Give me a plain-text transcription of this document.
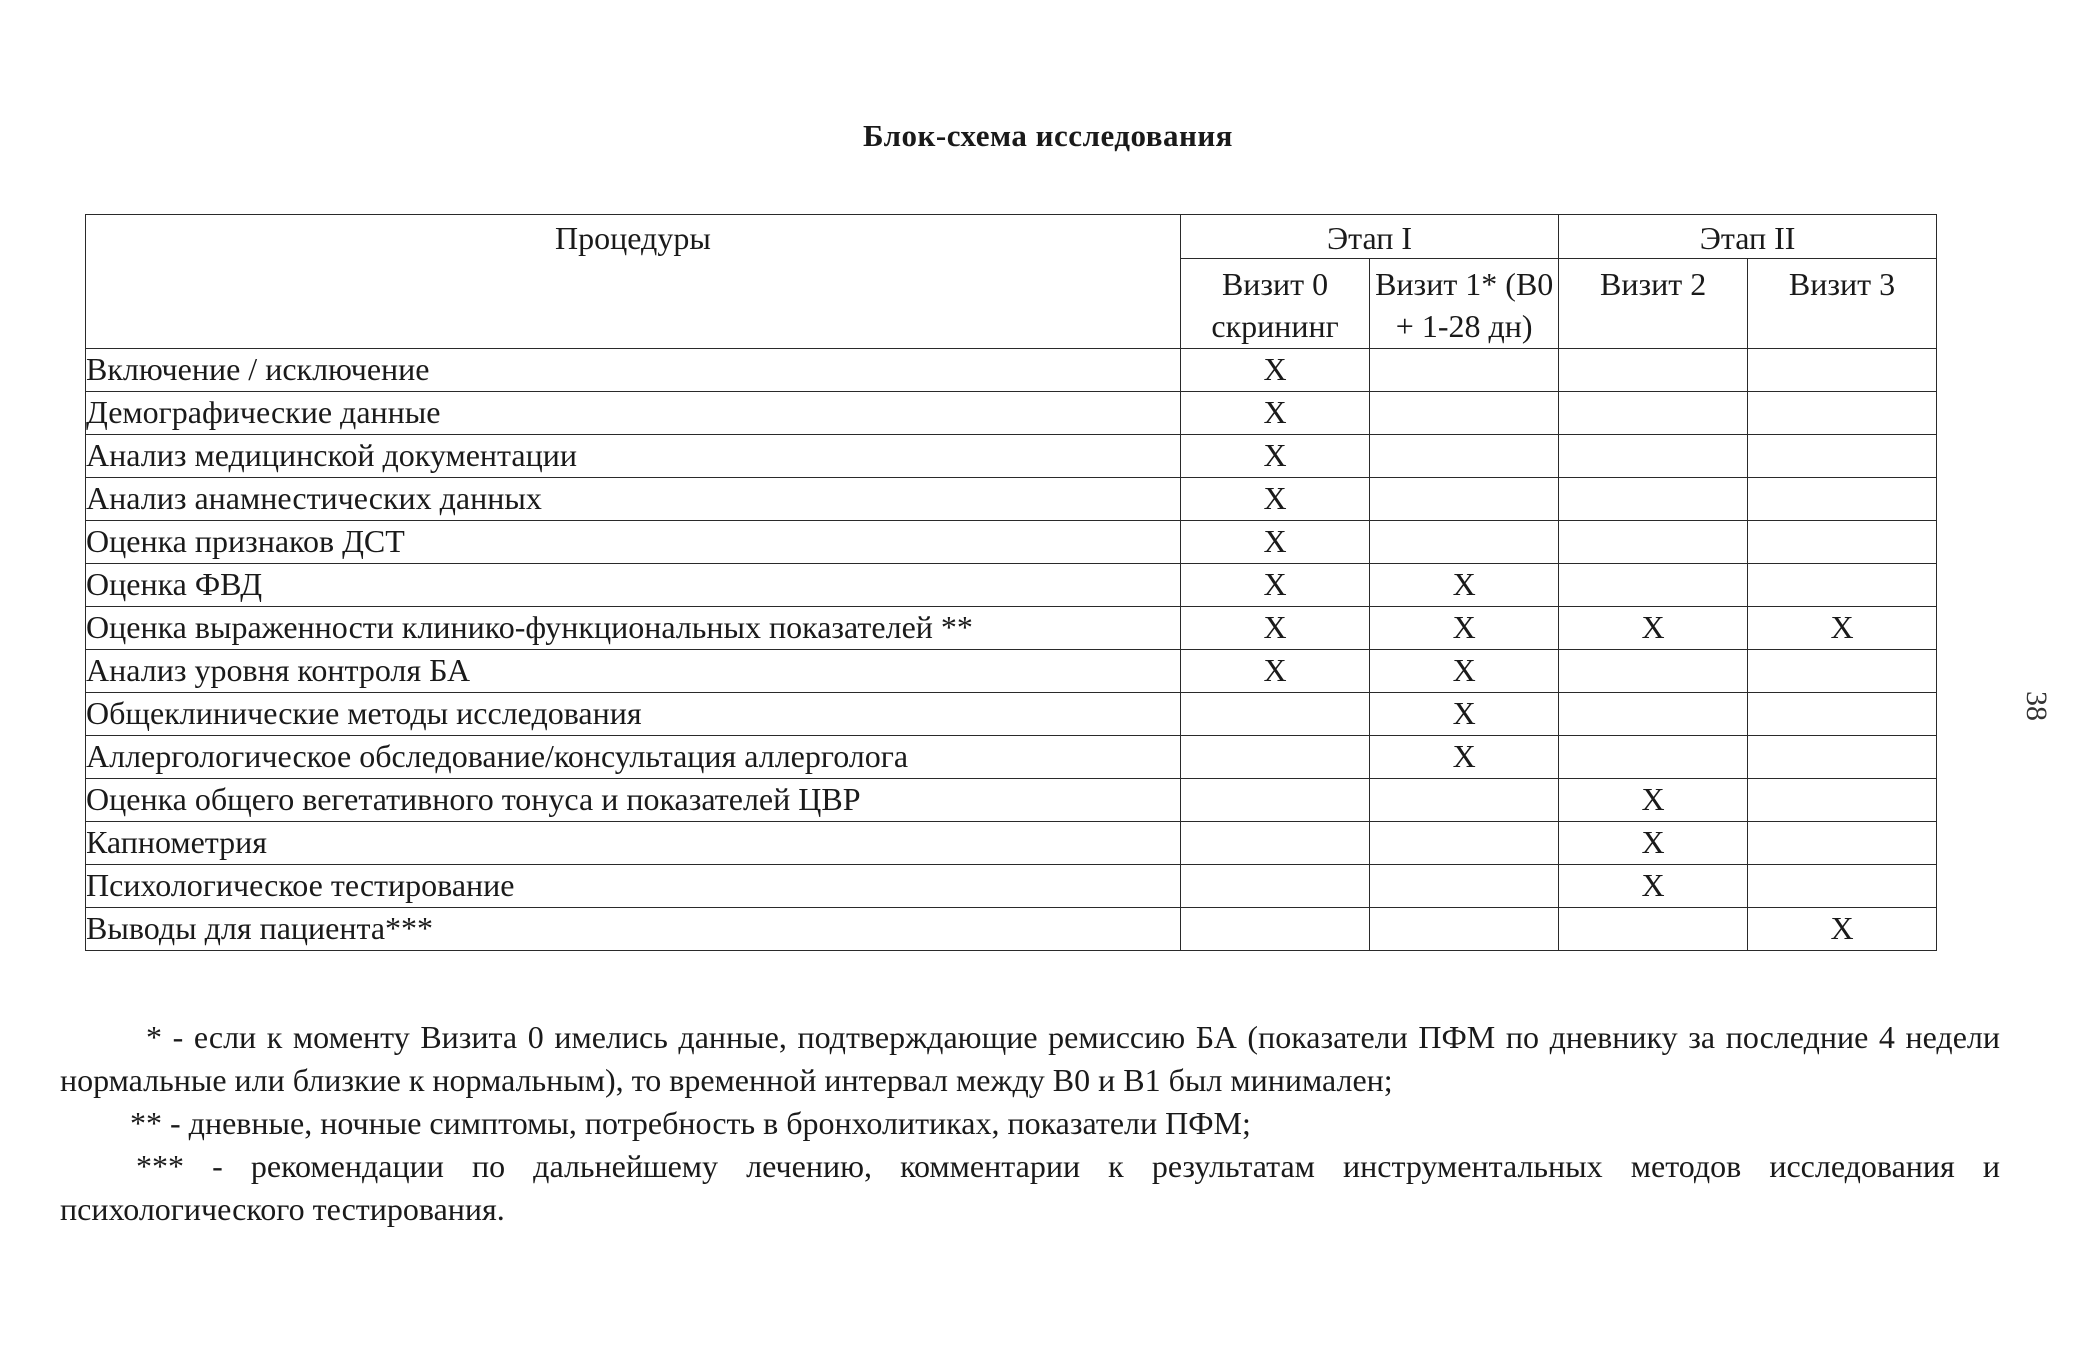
Блок-схема исследования
Процедуры	Этап I		Этап II	
	Визит 0 скрининг	Визит 1* (В0 + 1-28 дн)	Визит 2	Визит 3
Включение / исключение	X			
Демографические данные	X			
Анализ медицинской документации	X			
Анализ анамнестических данных	X			
Оценка признаков ДСТ	X			
Оценка ФВД	X	X		
Оценка выраженности клинико-функциональных показателей **	X	X	X	X
Анализ уровня контроля БА	X	X		
Общеклинические методы исследования		X		
Аллергологическое обследование/консультация аллерголога		X		
Оценка общего вегетативного тонуса и показателей ЦВР			X	
Капнометрия			X	
Психологическое тестирование			X	
Выводы для пациента***				X

* - если к моменту Визита 0 имелись данные, подтверждающие ремиссию БА (показатели ПФМ по дневнику за последние 4 недели нормальные или близкие к нормальным), то временной интервал между В0 и В1 был минимален;

** - дневные, ночные симптомы, потребность в бронхолитиках, показатели ПФМ;

*** - рекомендации по дальнейшему лечению, комментарии к результатам инструментальных методов исследования и психологического тестирования.

38
